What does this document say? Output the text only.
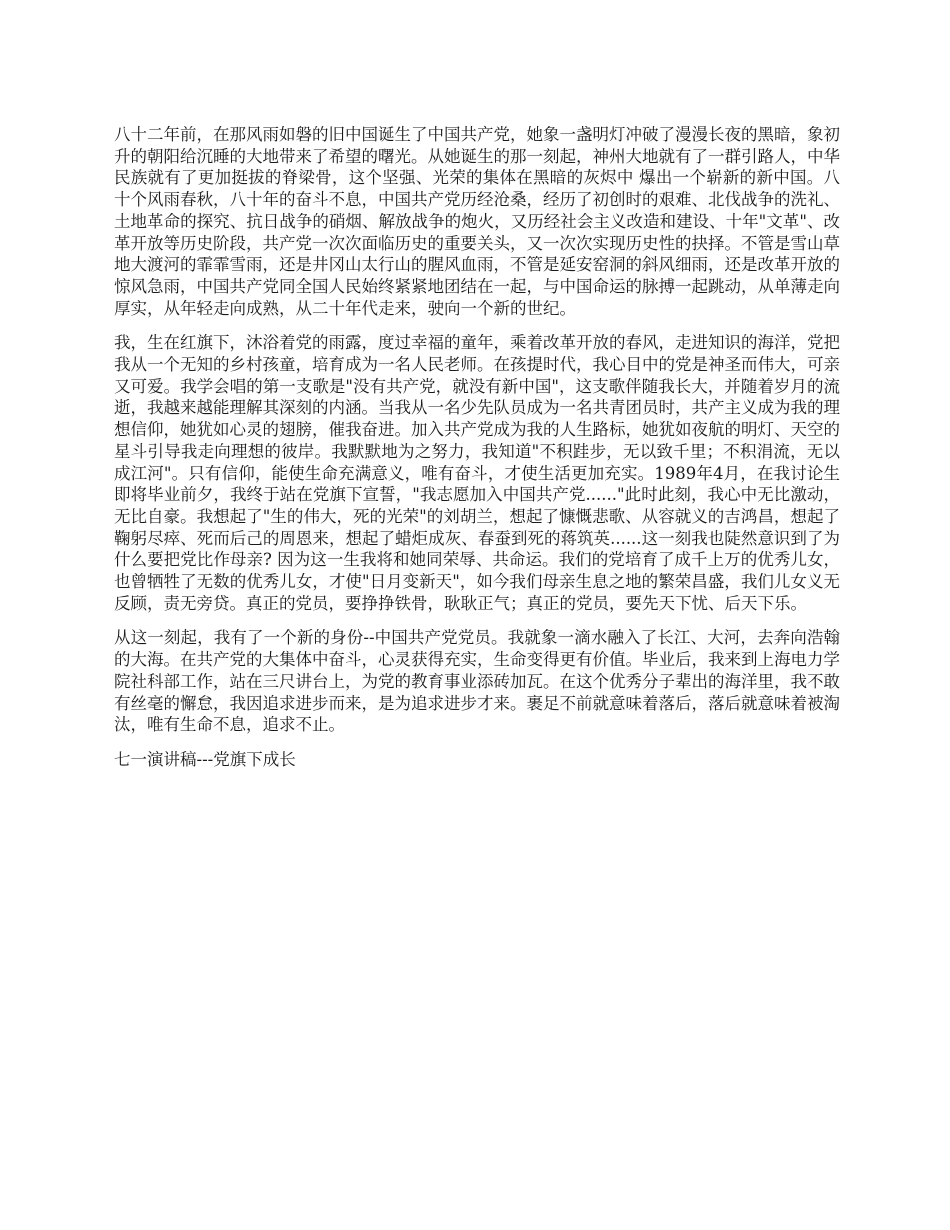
八十二年前，在那风雨如磐的旧中国诞生了中国共产党，她象一盏明灯冲破了漫漫长夜的黑暗，象初升的朝阳给沉睡的大地带来了希望的曙光。从她诞生的那一刻起，神州大地就有了一群引路人，中华民族就有了更加挺拔的脊梁骨，这个坚强、光荣的集体在黑暗的灰烬中 爆出一个崭新的新中国。八十个风雨春秋，八十年的奋斗不息，中国共产党历经沧桑，经历了初创时的艰难、北伐战争的洗礼、土地革命的探究、抗日战争的硝烟、解放战争的炮火，又历经社会主义改造和建设、十年"文革"、改革开放等历史阶段，共产党一次次面临历史的重要关头，又一次次实现历史性的抉择。不管是雪山草地大渡河的霏霏雪雨，还是井冈山太行山的腥风血雨，不管是延安窑洞的斜风细雨，还是改革开放的惊风急雨，中国共产党同全国人民始终紧紧地团结在一起，与中国命运的脉搏一起跳动，从单薄走向厚实，从年轻走向成熟，从二十年代走来，驶向一个新的世纪。

我，生在红旗下，沐浴着党的雨露，度过幸福的童年，乘着改革开放的春风，走进知识的海洋，党把我从一个无知的乡村孩童，培育成为一名人民老师。在孩提时代，我心目中的党是神圣而伟大，可亲又可爱。我学会唱的第一支歌是"没有共产党，就没有新中国"，这支歌伴随我长大，并随着岁月的流逝，我越来越能理解其深刻的内涵。当我从一名少先队员成为一名共青团员时，共产主义成为我的理想信仰，她犹如心灵的翅膀，催我奋进。加入共产党成为我的人生路标，她犹如夜航的明灯、天空的星斗引导我走向理想的彼岸。我默默地为之努力，我知道"不积跬步，无以致千里；不积涓流，无以成江河"。只有信仰，能使生命充满意义，唯有奋斗，才使生活更加充实。1989年4月，在我讨论生即将毕业前夕，我终于站在党旗下宣誓，"我志愿加入中国共产党......"此时此刻，我心中无比激动，无比自豪。我想起了"生的伟大，死的光荣"的刘胡兰，想起了慷慨悲歌、从容就义的吉鸿昌，想起了鞠躬尽瘁、死而后己的周恩来，想起了蜡炬成灰、春蚕到死的蒋筑英......这一刻我也陡然意识到了为什么要把党比作母亲? 因为这一生我将和她同荣辱、共命运。我们的党培育了成千上万的优秀儿女，也曾牺牲了无数的优秀儿女，才使"日月变新天"，如今我们母亲生息之地的繁荣昌盛，我们儿女义无反顾，责无旁贷。真正的党员，要挣挣铁骨，耿耿正气；真正的党员，要先天下忧、后天下乐。

从这一刻起，我有了一个新的身份--中国共产党党员。我就象一滴水融入了长江、大河，去奔向浩翰的大海。在共产党的大集体中奋斗，心灵获得充实，生命变得更有价值。毕业后，我来到上海电力学院社科部工作，站在三尺讲台上，为党的教育事业添砖加瓦。在这个优秀分子辈出的海洋里，我不敢有丝毫的懈怠，我因追求进步而来，是为追求进步才来。裹足不前就意味着落后，落后就意味着被淘汰，唯有生命不息，追求不止。

七一演讲稿---党旗下成长
